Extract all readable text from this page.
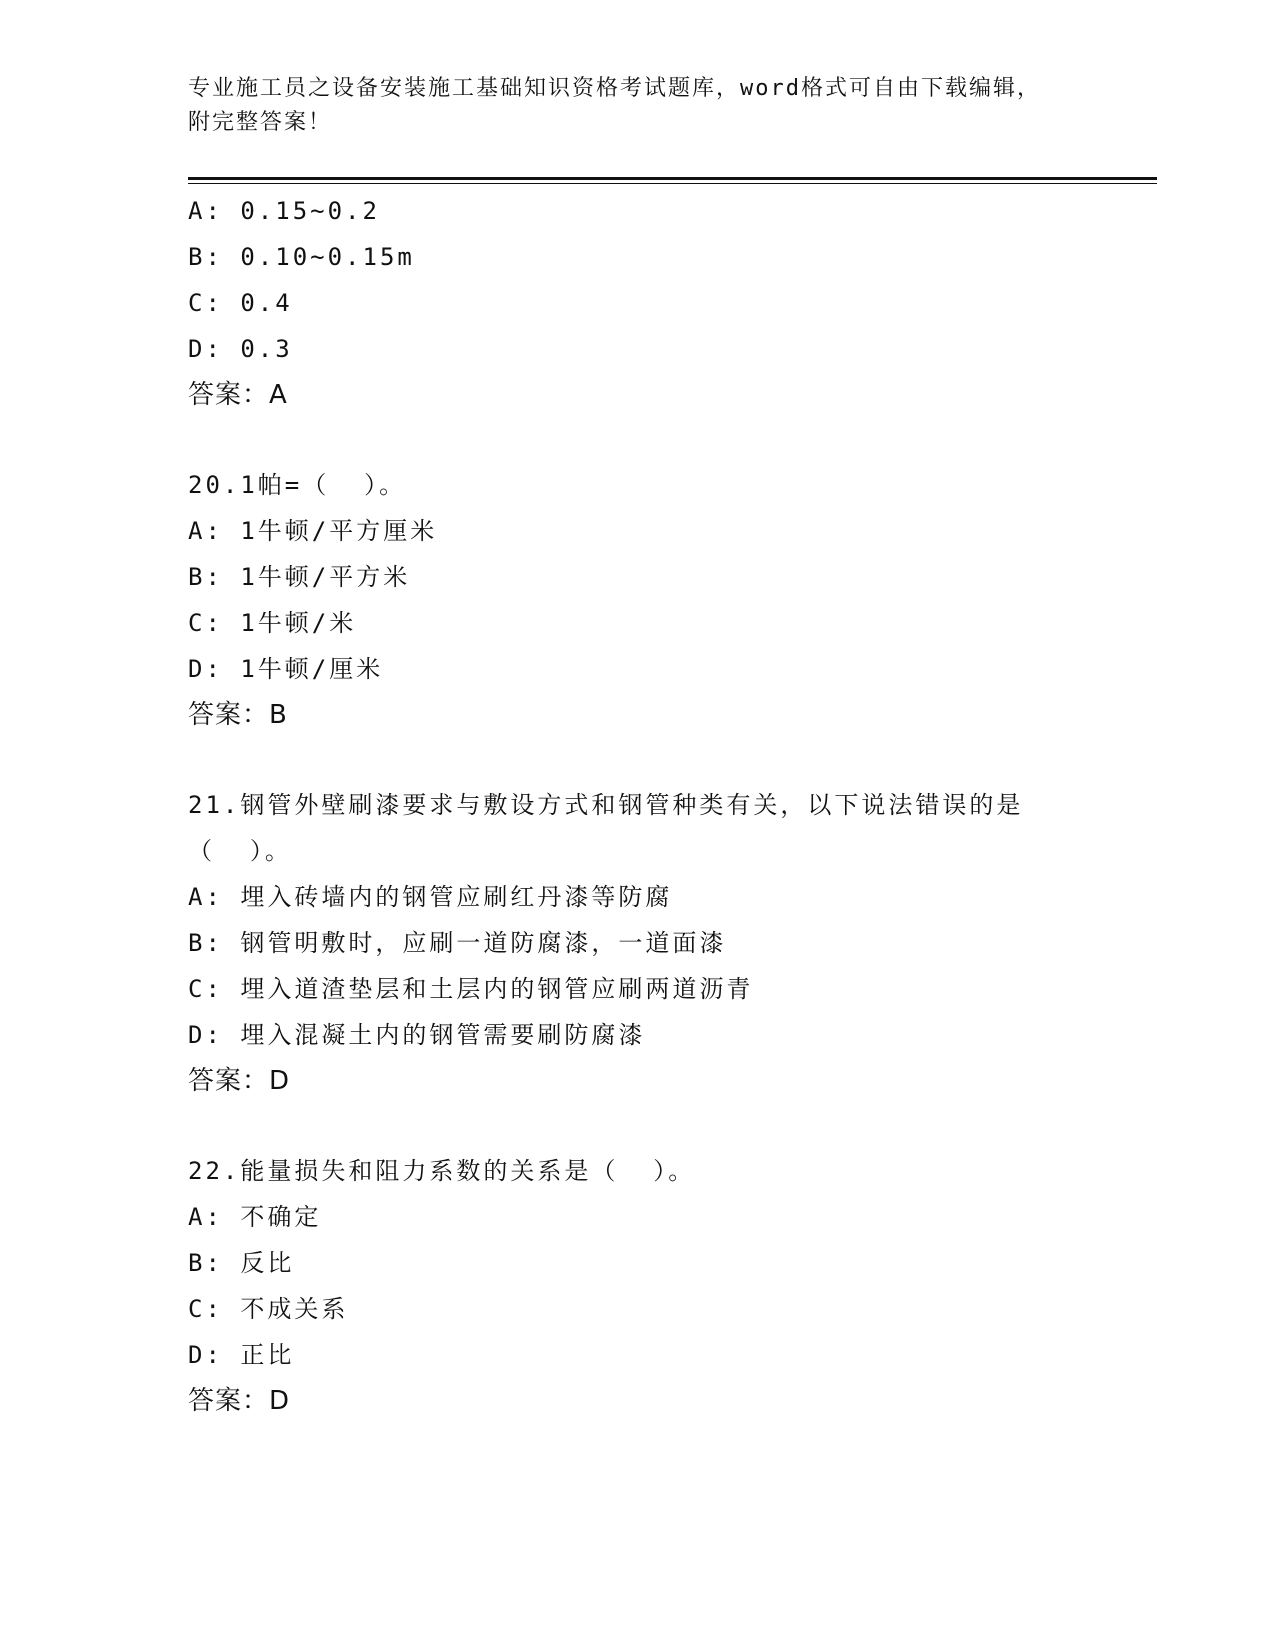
专业施工员之设备安装施工基础知识资格考试题库，word格式可自由下载编辑，
附完整答案！
A: 0.15~0.2
B: 0.10~0.15m
C: 0.4
D: 0.3
答案：A
20.1帕=（  ）。
A: 1牛顿/平方厘米
B: 1牛顿/平方米
C: 1牛顿/米
D: 1牛顿/厘米
答案：B
21.钢管外壁刷漆要求与敷设方式和钢管种类有关，以下说法错误的是
（  ）。
A: 埋入砖墙内的钢管应刷红丹漆等防腐
B: 钢管明敷时，应刷一道防腐漆，一道面漆
C: 埋入道渣垫层和土层内的钢管应刷两道沥青
D: 埋入混凝土内的钢管需要刷防腐漆
答案：D
22.能量损失和阻力系数的关系是（  ）。
A: 不确定
B: 反比
C: 不成关系
D: 正比
答案：D
